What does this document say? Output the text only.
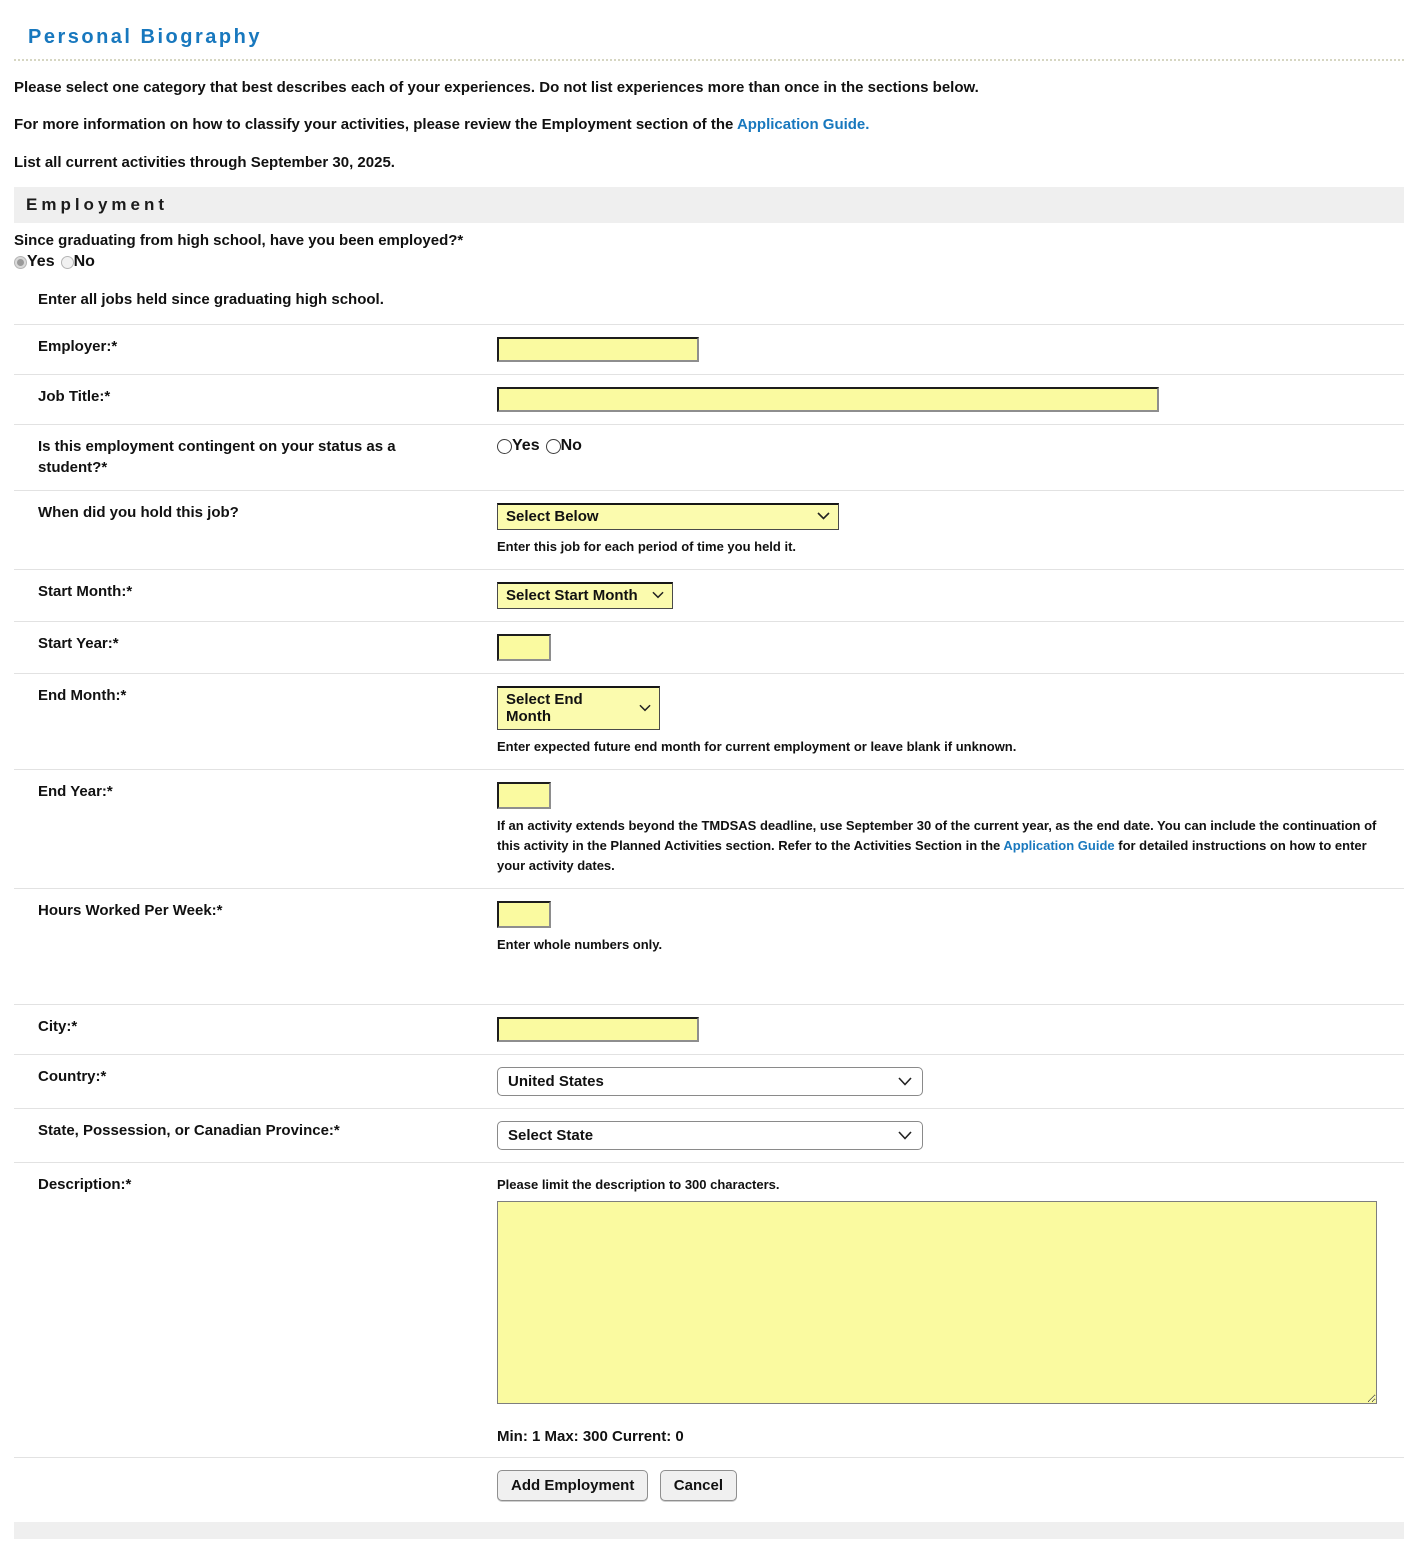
Personal Biography

Please select one category that best describes each of your experiences. Do not list experiences more than once in the sections below.

For more information on how to classify your activities, please review the Employment section of the Application Guide.

List all current activities through September 30, 2025.

Employment
Since graduating from high school, have you been employed?*
Yes No
Enter all jobs held since graduating high school.
Employer:*
Job Title:*
Is this employment contingent on your status as a student?*
Yes No
When did you hold this job?	Select Below
Enter this job for each period of time you held it.
Start Month:*	Select Start Month
Start Year:*
End Month:*	Select End Month
Enter expected future end month for current employment or leave blank if unknown.
End Year:*
If an activity extends beyond the TMDSAS deadline, use September 30 of the current year, as the end date. You can include the continuation of this activity in the Planned Activities section. Refer to the Activities Section in the Application Guide for detailed instructions on how to enter your activity dates.
Hours Worked Per Week:*
Enter whole numbers only.
City:*
Country:*	United States
State, Possession, or Canadian Province:*	Select State
Description:*	Please limit the description to 300 characters.
Min: 1 Max: 300 Current: 0
Add Employment	Cancel
